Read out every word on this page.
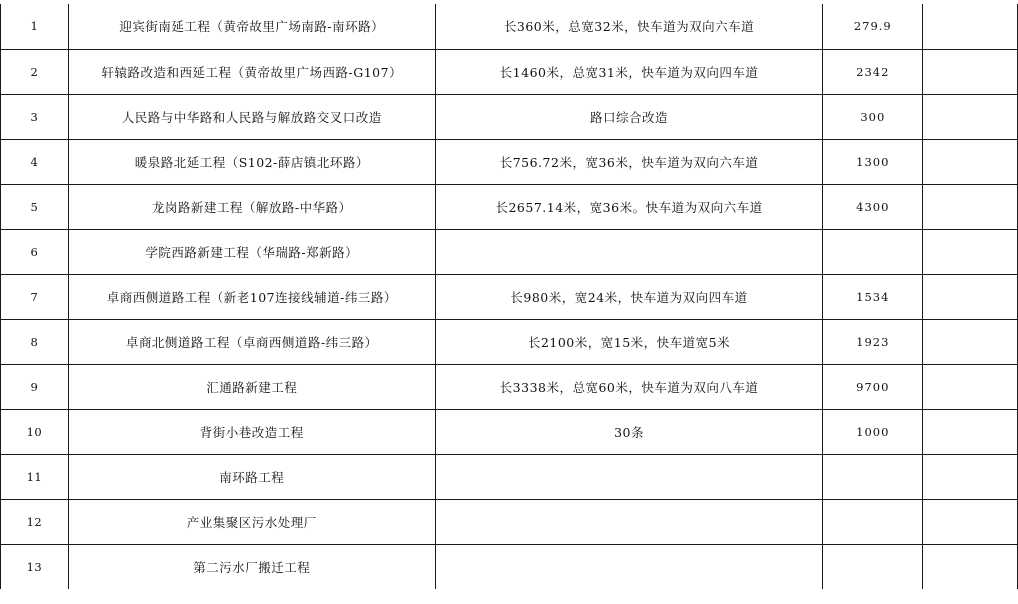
1	迎宾街南延工程（黄帝故里广场南路-南环路）	长360米，总宽32米，快车道为双向六车道	279.9	
2	轩辕路改造和西延工程（黄帝故里广场西路-G107）	长1460米，总宽31米，快车道为双向四车道	2342	
3	人民路与中华路和人民路与解放路交叉口改造	路口综合改造	300	
4	暖泉路北延工程（S102-薛店镇北环路）	长756.72米，宽36米，快车道为双向六车道	1300	
5	龙岗路新建工程（解放路-中华路）	长2657.14米，宽36米。快车道为双向六车道	4300	
6	学院西路新建工程（华瑞路-郑新路）			
7	卓商西侧道路工程（新老107连接线辅道-纬三路）	长980米，宽24米，快车道为双向四车道	1534	
8	卓商北侧道路工程（卓商西侧道路-纬三路）	长2100米，宽15米，快车道宽5米	1923	
9	汇通路新建工程	长3338米，总宽60米，快车道为双向八车道	9700	
10	背街小巷改造工程	30条	1000	
11	南环路工程			
12	产业集聚区污水处理厂			
13	第二污水厂搬迁工程			
